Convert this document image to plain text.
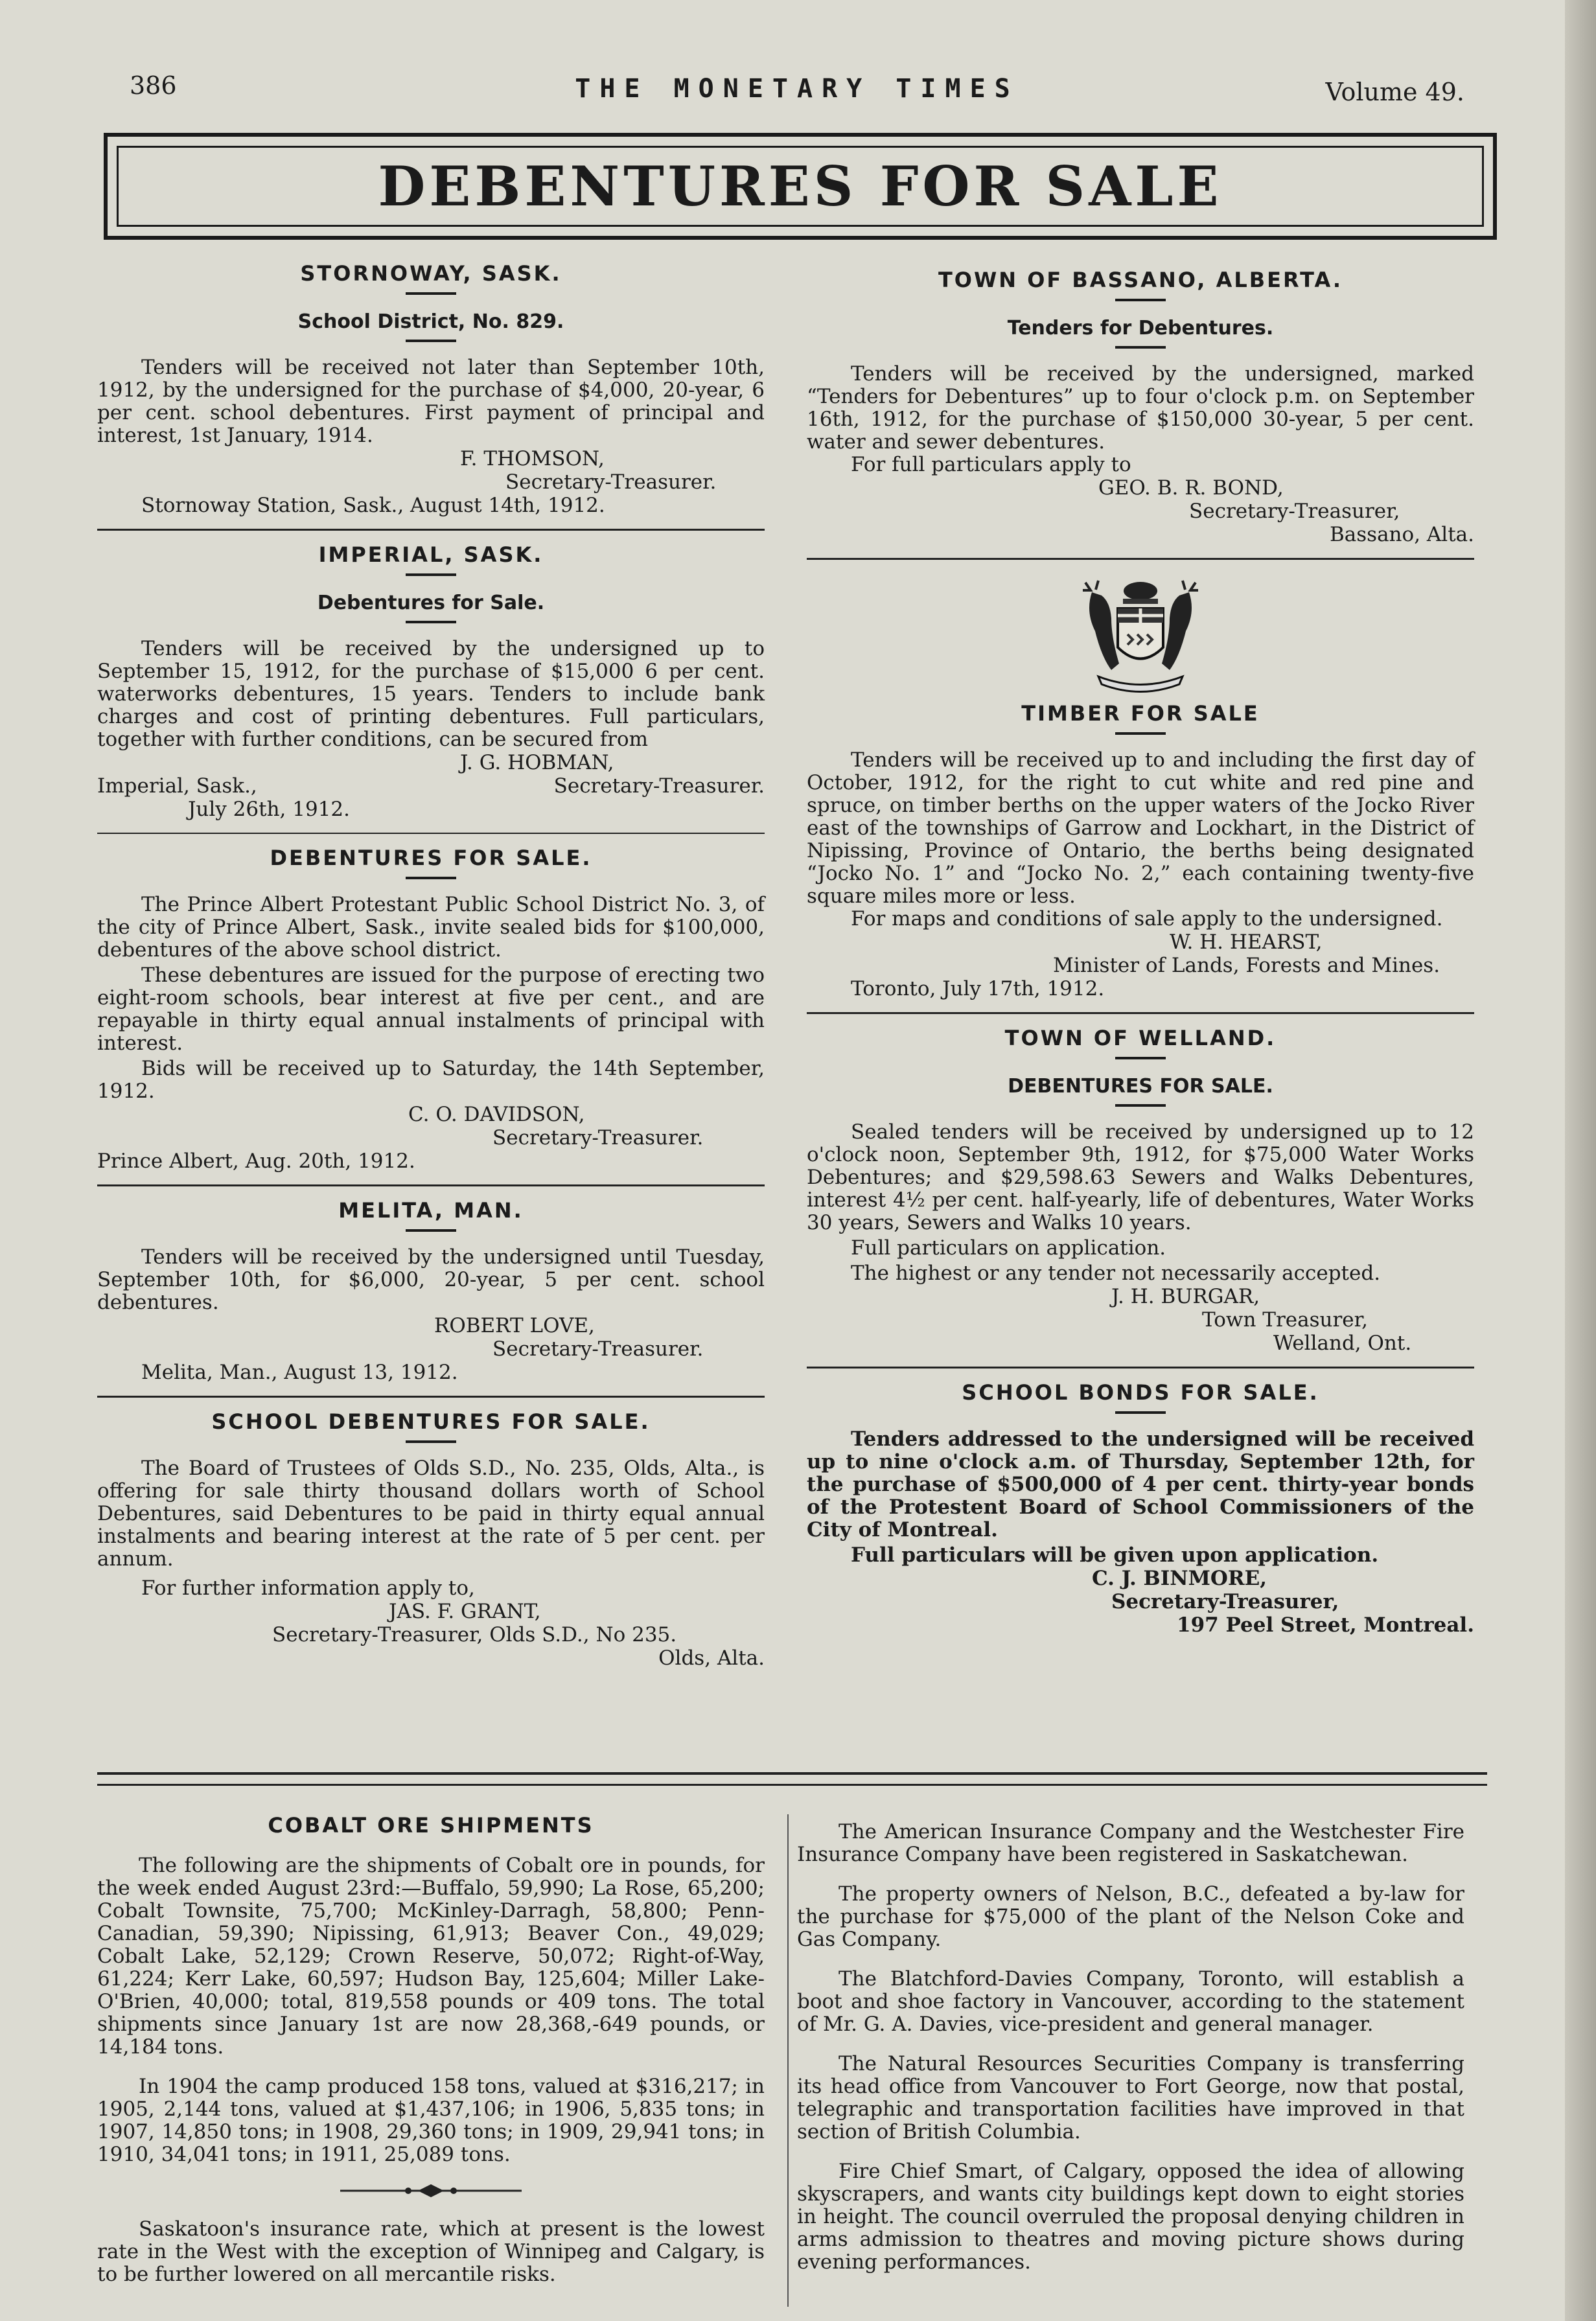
386	THE MONETARY TIMES	Volume 49.
DEBENTURES FOR SALE
STORNOWAY, SASK.
School District, No. 829.

Tenders will be received not later than September 10th, 1912, by the undersigned for the purchase of $4,000, 20-year, 6 per cent. school debentures. First payment of principal and interest, 1st January, 1914.

F. THOMSON,
Secretary-Treasurer.
Stornoway Station, Sask., August 14th, 1912.
IMPERIAL, SASK.
Debentures for Sale.

Tenders will be received by the undersigned up to September 15, 1912, for the purchase of $15,000 6 per cent. waterworks debentures, 15 years. Tenders to include bank charges and cost of printing debentures. Full particulars, together with further conditions, can be secured from

J. G. HOBMAN,
Imperial, Sask.,	Secretary-Treasurer.
July 26th, 1912.
DEBENTURES FOR SALE.

The Prince Albert Protestant Public School District No. 3, of the city of Prince Albert, Sask., invite sealed bids for $100,000, debentures of the above school district.

These debentures are issued for the purpose of erecting two eight-room schools, bear interest at five per cent., and are repayable in thirty equal annual instalments of principal with interest.

Bids will be received up to Saturday, the 14th September, 1912.

C. O. DAVIDSON,
Secretary-Treasurer.
Prince Albert, Aug. 20th, 1912.
MELITA, MAN.

Tenders will be received by the undersigned until Tuesday, September 10th, for $6,000, 20-year, 5 per cent. school debentures.

ROBERT LOVE,
Secretary-Treasurer.
Melita, Man., August 13, 1912.
SCHOOL DEBENTURES FOR SALE.

The Board of Trustees of Olds S.D., No. 235, Olds, Alta., is offering for sale thirty thousand dollars worth of School Debentures, said Debentures to be paid in thirty equal annual instalments and bearing interest at the rate of 5 per cent. per annum.

For further information apply to,

JAS. F. GRANT,
Secretary-Treasurer, Olds S.D., No 235.
Olds, Alta.
TOWN OF BASSANO, ALBERTA.
Tenders for Debentures.

Tenders will be received by the undersigned, marked “Tenders for Debentures” up to four o'clock p.m. on September 16th, 1912, for the purchase of $150,000 30-year, 5 per cent. water and sewer debentures.

For full particulars apply to

GEO. B. R. BOND,
Secretary-Treasurer,
Bassano, Alta.
TIMBER FOR SALE

Tenders will be received up to and including the first day of October, 1912, for the right to cut white and red pine and spruce, on timber berths on the upper waters of the Jocko River east of the townships of Garrow and Lockhart, in the District of Nipissing, Province of Ontario, the berths being designated “Jocko No. 1” and “Jocko No. 2,” each containing twenty-five square miles more or less.

For maps and conditions of sale apply to the undersigned.

W. H. HEARST,
Minister of Lands, Forests and Mines.
Toronto, July 17th, 1912.
TOWN OF WELLAND.
DEBENTURES FOR SALE.

Sealed tenders will be received by undersigned up to 12 o'clock noon, September 9th, 1912, for $75,000 Water Works Debentures; and $29,598.63 Sewers and Walks Debentures, interest 4½ per cent. half-yearly, life of debentures, Water Works 30 years, Sewers and Walks 10 years.

Full particulars on application.

The highest or any tender not necessarily accepted.

J. H. BURGAR,
Town Treasurer,
Welland, Ont.
SCHOOL BONDS FOR SALE.

Tenders addressed to the undersigned will be received up to nine o'clock a.m. of Thursday, September 12th, for the purchase of $500,000 of 4 per cent. thirty-year bonds of the Protestent Board of School Commissioners of the City of Montreal.

Full particulars will be given upon application.

C. J. BINMORE,
Secretary-Treasurer,
197 Peel Street, Montreal.
COBALT ORE SHIPMENTS

The following are the shipments of Cobalt ore in pounds, for the week ended August 23rd:—Buffalo, 59,990; La Rose, 65,200; Cobalt Townsite, 75,700; McKinley-Darragh, 58,800; Penn-Canadian, 59,390; Nipissing, 61,913; Beaver Con., 49,029; Cobalt Lake, 52,129; Crown Reserve, 50,072; Right-of-Way, 61,224; Kerr Lake, 60,597; Hudson Bay, 125,604; Miller Lake-O'Brien, 40,000; total, 819,558 pounds or 409 tons. The total shipments since January 1st are now 28,368,-649 pounds, or 14,184 tons.

In 1904 the camp produced 158 tons, valued at $316,217; in 1905, 2,144 tons, valued at $1,437,106; in 1906, 5,835 tons; in 1907, 14,850 tons; in 1908, 29,360 tons; in 1909, 29,941 tons; in 1910, 34,041 tons; in 1911, 25,089 tons.

Saskatoon's insurance rate, which at present is the lowest rate in the West with the exception of Winnipeg and Calgary, is to be further lowered on all mercantile risks.

The American Insurance Company and the Westchester Fire Insurance Company have been registered in Saskatchewan.

The property owners of Nelson, B.C., defeated a by-law for the purchase for $75,000 of the plant of the Nelson Coke and Gas Company.

The Blatchford-Davies Company, Toronto, will establish a boot and shoe factory in Vancouver, according to the statement of Mr. G. A. Davies, vice-president and general manager.

The Natural Resources Securities Company is transferring its head office from Vancouver to Fort George, now that postal, telegraphic and transportation facilities have improved in that section of British Columbia.

Fire Chief Smart, of Calgary, opposed the idea of allowing skyscrapers, and wants city buildings kept down to eight stories in height. The council overruled the proposal denying children in arms admission to theatres and moving picture shows during evening performances.
